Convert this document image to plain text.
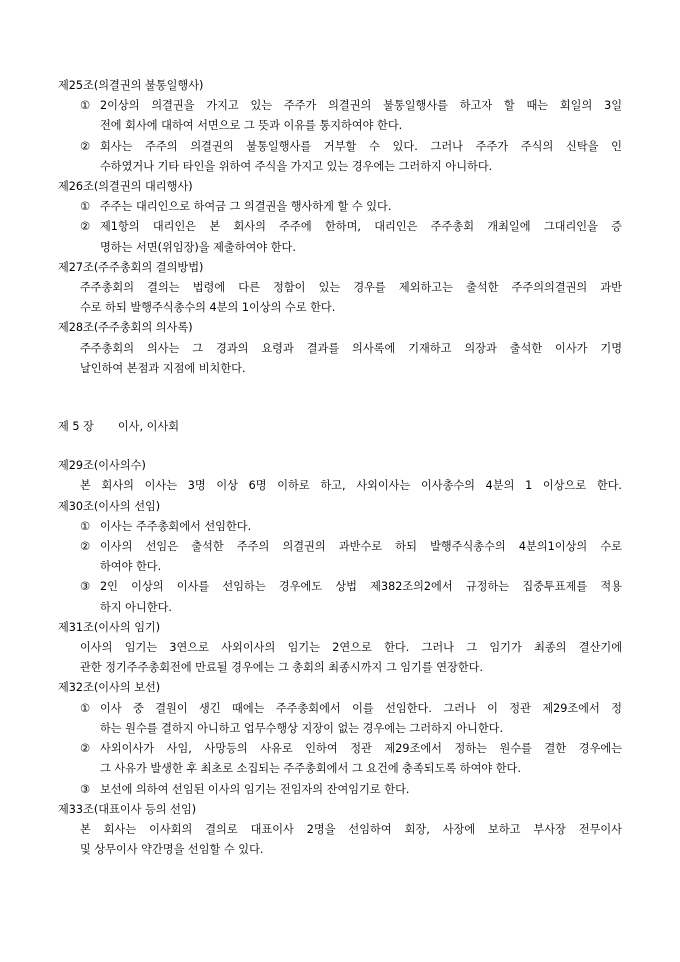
제25조(의결권의 불통일행사)
① 2이상의 의결권을 가지고 있는 주주가 의결권의 불통일행사를 하고자 할 때는 회일의 3일
전에 회사에 대하여 서면으로 그 뜻과 이유를 통지하여야 한다.
② 회사는 주주의 의결권의 불통일행사를 거부할 수 있다. 그러나 주주가 주식의 신탁을 인
수하였거나 기타 타인을 위하여 주식을 가지고 있는 경우에는 그러하지 아니하다.
제26조(의결권의 대리행사)
① 주주는 대리인으로 하여금 그 의결권을 행사하게 할 수 있다.
② 제1항의 대리인은 본 회사의 주주에 한하며, 대리인은 주주총회 개최일에 그대리인을 증
명하는 서면(위임장)을 제출하여야 한다.
제27조(주주총회의 결의방법)
주주총회의 결의는 법령에 다른 정함이 있는 경우를 제외하고는 출석한 주주의의결권의 과반
수로 하되 발행주식총수의 4분의 1이상의 수로 한다.
제28조(주주총회의 의사록)
주주총회의 의사는 그 경과의 요령과 결과를 의사록에 기재하고 의장과 출석한 이사가 기명
날인하여 본점과 지점에 비치한다.
제 5 장 이사, 이사회
제29조(이사의수)
본 회사의 이사는 3명 이상 6명 이하로 하고, 사외이사는 이사총수의 4분의 1 이상으로 한다.
제30조(이사의 선임)
① 이사는 주주총회에서 선임한다.
② 이사의 선임은 출석한 주주의 의결권의 과반수로 하되 발행주식총수의 4분의1이상의 수로
하여야 한다.
③ 2인 이상의 이사를 선임하는 경우에도 상법 제382조의2에서 규정하는 집중투표제를 적용
하지 아니한다.
제31조(이사의 임기)
이사의 임기는 3연으로 사외이사의 임기는 2연으로 한다. 그러나 그 임기가 최종의 결산기에
관한 정기주주총회전에 만료될 경우에는 그 총회의 최종시까지 그 임기를 연장한다.
제32조(이사의 보선)
① 이사 중 결원이 생긴 때에는 주주총회에서 이를 선임한다. 그러나 이 정관 제29조에서 정
하는 원수를 결하지 아니하고 업무수행상 지장이 없는 경우에는 그러하지 아니한다.
② 사외이사가 사임, 사망등의 사유로 인하여 정관 제29조에서 정하는 원수를 결한 경우에는
그 사유가 발생한 후 최초로 소집되는 주주총회에서 그 요건에 충족되도록 하여야 한다.
③ 보선에 의하여 선임된 이사의 임기는 전임자의 잔여임기로 한다.
제33조(대표이사 등의 선임)
본 회사는 이사회의 결의로 대표이사 2명을 선임하여 회장, 사장에 보하고 부사장 전무이사
및 상무이사 약간명을 선임할 수 있다.
